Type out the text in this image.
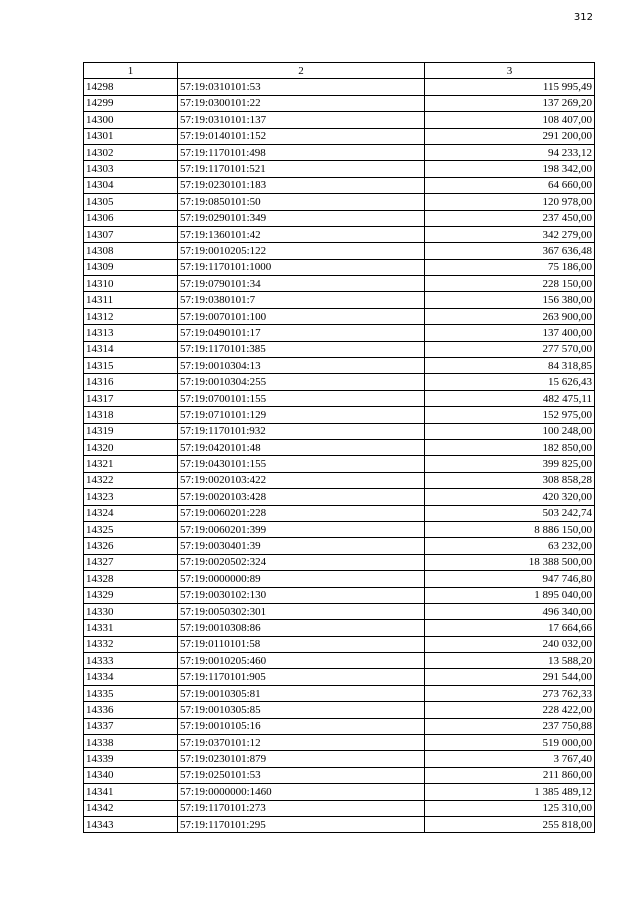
312
1	2	3
14298	57:19:0310101:53	115 995,49
14299	57:19:0300101:22	137 269,20
14300	57:19:0310101:137	108 407,00
14301	57:19:0140101:152	291 200,00
14302	57:19:1170101:498	94 233,12
14303	57:19:1170101:521	198 342,00
14304	57:19:0230101:183	64 660,00
14305	57:19:0850101:50	120 978,00
14306	57:19:0290101:349	237 450,00
14307	57:19:1360101:42	342 279,00
14308	57:19:0010205:122	367 636,48
14309	57:19:1170101:1000	75 186,00
14310	57:19:0790101:34	228 150,00
14311	57:19:0380101:7	156 380,00
14312	57:19:0070101:100	263 900,00
14313	57:19:0490101:17	137 400,00
14314	57:19:1170101:385	277 570,00
14315	57:19:0010304:13	84 318,85
14316	57:19:0010304:255	15 626,43
14317	57:19:0700101:155	482 475,11
14318	57:19:0710101:129	152 975,00
14319	57:19:1170101:932	100 248,00
14320	57:19:0420101:48	182 850,00
14321	57:19:0430101:155	399 825,00
14322	57:19:0020103:422	308 858,28
14323	57:19:0020103:428	420 320,00
14324	57:19:0060201:228	503 242,74
14325	57:19:0060201:399	8 886 150,00
14326	57:19:0030401:39	63 232,00
14327	57:19:0020502:324	18 388 500,00
14328	57:19:0000000:89	947 746,80
14329	57:19:0030102:130	1 895 040,00
14330	57:19:0050302:301	496 340,00
14331	57:19:0010308:86	17 664,66
14332	57:19:0110101:58	240 032,00
14333	57:19:0010205:460	13 588,20
14334	57:19:1170101:905	291 544,00
14335	57:19:0010305:81	273 762,33
14336	57:19:0010305:85	228 422,00
14337	57:19:0010105:16	237 750,88
14338	57:19:0370101:12	519 000,00
14339	57:19:0230101:879	3 767,40
14340	57:19:0250101:53	211 860,00
14341	57:19:0000000:1460	1 385 489,12
14342	57:19:1170101:273	125 310,00
14343	57:19:1170101:295	255 818,00
